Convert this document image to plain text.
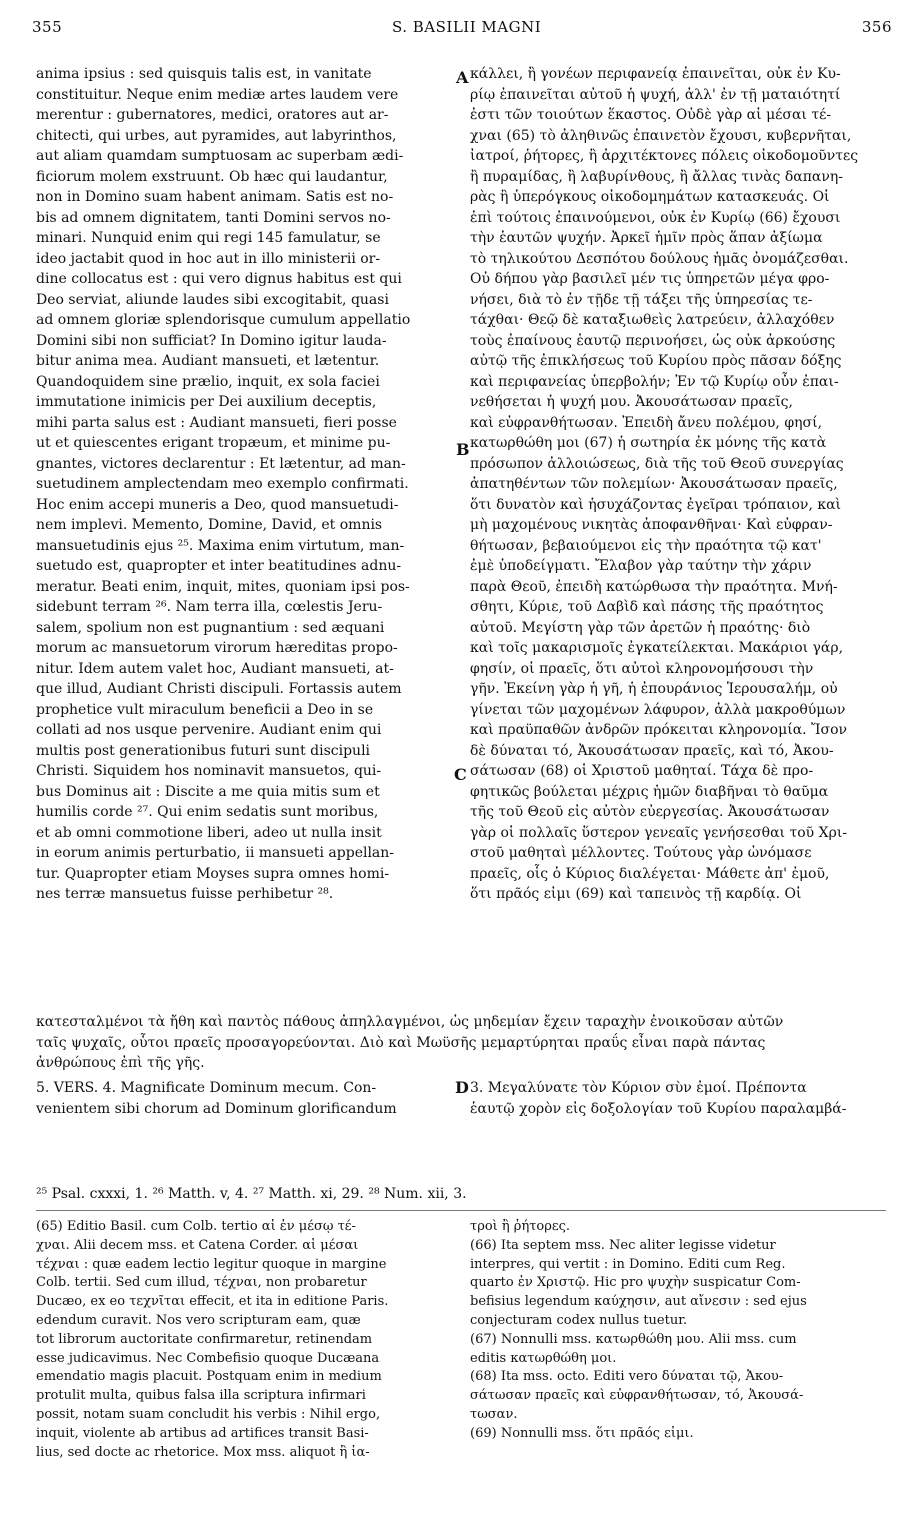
355	S. BASILII MAGNI	356
A
B
C
D
anima ipsius : sed quisquis talis est, in vanitate
constituitur. Neque enim mediæ artes laudem vere
merentur : gubernatores, medici, oratores aut ar-
chitecti, qui urbes, aut pyramides, aut labyrinthos,
aut aliam quamdam sumptuosam ac superbam ædi-
ficiorum molem exstruunt. Ob hæc qui laudantur,
non in Domino suam habent animam. Satis est no-
bis ad omnem dignitatem, tanti Domini servos no-
minari. Nunquid enim qui regi 145 famulatur, se
ideo jactabit quod in hoc aut in illo ministerii or-
dine collocatus est : qui vero dignus habitus est qui
Deo serviat, aliunde laudes sibi excogitabit, quasi
ad omnem gloriæ splendorisque cumulum appellatio
Domini sibi non sufficiat? In Domino igitur lauda-
bitur anima mea. Audiant mansueti, et lætentur.
Quandoquidem sine prælio, inquit, ex sola faciei
immutatione inimicis per Dei auxilium deceptis,
mihi parta salus est : Audiant mansueti, fieri posse
ut et quiescentes erigant tropæum, et minime pu-
gnantes, victores declarentur : Et lætentur, ad man-
suetudinem amplectendam meo exemplo confirmati.
Hoc enim accepi muneris a Deo, quod mansuetudi-
nem implevi. Memento, Domine, David, et omnis
mansuetudinis ejus ²⁵. Maxima enim virtutum, man-
suetudo est, quapropter et inter beatitudines adnu-
meratur. Beati enim, inquit, mites, quoniam ipsi pos-
sidebunt terram ²⁶. Nam terra illa, cœlestis Jeru-
salem, spolium non est pugnantium : sed æquani
morum ac mansuetorum virorum hæreditas propo-
nitur. Idem autem valet hoc, Audiant mansueti, at-
que illud, Audiant Christi discipuli. Fortassis autem
prophetice vult miraculum beneficii a Deo in se
collati ad nos usque pervenire. Audiant enim qui
multis post generationibus futuri sunt discipuli
Christi. Siquidem hos nominavit mansuetos, qui-
bus Dominus ait : Discite a me quia mitis sum et
humilis corde ²⁷. Qui enim sedatis sunt moribus,
et ab omni commotione liberi, adeo ut nulla insit
in eorum animis perturbatio, ii mansueti appellan-
tur. Quapropter etiam Moyses supra omnes homi-
nes terræ mansuetus fuisse perhibetur ²⁸.
κάλλει, ἢ γονέων περιφανείᾳ ἐπαινεῖται, οὐκ ἐν Κυ-
ρίῳ ἐπαινεῖται αὐτοῦ ἡ ψυχή, ἀλλ' ἐν τῇ ματαιότητί
ἐστι τῶν τοιούτων ἕκαστος. Οὐδὲ γὰρ αἱ μέσαι τέ-
χναι (65) τὸ ἀληθινῶς ἐπαινετὸν ἔχουσι, κυβερνῆται,
ἰατροί, ῥήτορες, ἢ ἀρχιτέκτονες πόλεις οἰκοδομοῦντες
ἢ πυραμίδας, ἢ λαβυρίνθους, ἢ ἄλλας τινὰς δαπανη-
ρὰς ἢ ὑπερόγκους οἰκοδομημάτων κατασκευάς. Οἱ
ἐπὶ τούτοις ἐπαινούμενοι, οὐκ ἐν Κυρίῳ (66) ἔχουσι
τὴν ἑαυτῶν ψυχήν. Ἀρκεῖ ἡμῖν πρὸς ἅπαν ἀξίωμα
τὸ τηλικούτου Δεσπότου δούλους ἡμᾶς ὀνομάζεσθαι.
Οὐ δήπου γὰρ βασιλεῖ μέν τις ὑπηρετῶν μέγα φρο-
νήσει, διὰ τὸ ἐν τῇδε τῇ τάξει τῆς ὑπηρεσίας τε-
τάχθαι· Θεῷ δὲ καταξιωθεὶς λατρεύειν, ἀλλαχόθεν
τοὺς ἐπαίνους ἑαυτῷ περινοήσει, ὡς οὐκ ἀρκούσης
αὐτῷ τῆς ἐπικλήσεως τοῦ Κυρίου πρὸς πᾶσαν δόξης
καὶ περιφανείας ὑπερβολήν; Ἐν τῷ Κυρίῳ οὖν ἐπαι-
νεθήσεται ἡ ψυχή μου. Ἀκουσάτωσαν πραεῖς,
καὶ εὐφρανθήτωσαν. Ἐπειδὴ ἄνευ πολέμου, φησί,
κατωρθώθη μοι (67) ἡ σωτηρία ἐκ μόνης τῆς κατὰ
πρόσωπον ἀλλοιώσεως, διὰ τῆς τοῦ Θεοῦ συνεργίας
ἀπατηθέντων τῶν πολεμίων· Ἀκουσάτωσαν πραεῖς,
ὅτι δυνατὸν καὶ ἡσυχάζοντας ἐγεῖραι τρόπαιον, καὶ
μὴ μαχομένους νικητὰς ἀποφανθῆναι· Καὶ εὐφραν-
θήτωσαν, βεβαιούμενοι εἰς τὴν πραότητα τῷ κατ'
ἐμὲ ὑποδείγματι. Ἔλαβον γὰρ ταύτην τὴν χάριν
παρὰ Θεοῦ, ἐπειδὴ κατώρθωσα τὴν πραότητα. Μνή-
σθητι, Κύριε, τοῦ Δαβὶδ καὶ πάσης τῆς πραότητος
αὐτοῦ. Μεγίστη γὰρ τῶν ἀρετῶν ἡ πραότης· διὸ
καὶ τοῖς μακαρισμοῖς ἐγκατείλεκται. Μακάριοι γάρ,
φησίν, οἱ πραεῖς, ὅτι αὐτοὶ κληρονομήσουσι τὴν
γῆν. Ἐκείνη γὰρ ἡ γῆ, ἡ ἐπουράνιος Ἱερουσαλήμ, οὐ
γίνεται τῶν μαχομένων λάφυρον, ἀλλὰ μακροθύμων
καὶ πραϋπαθῶν ἀνδρῶν πρόκειται κληρονομία. Ἴσον
δὲ δύναται τό, Ἀκουσάτωσαν πραεῖς, καὶ τό, Ἀκου-
σάτωσαν (68) οἱ Χριστοῦ μαθηταί. Τάχα δὲ προ-
φητικῶς βούλεται μέχρις ἡμῶν διαβῆναι τὸ θαῦμα
τῆς τοῦ Θεοῦ εἰς αὐτὸν εὐεργεσίας. Ἀκουσάτωσαν
γὰρ οἱ πολλαῖς ὕστερον γενεαῖς γενήσεσθαι τοῦ Χρι-
στοῦ μαθηταὶ μέλλοντες. Τούτους γὰρ ὠνόμασε
πραεῖς, οἷς ὁ Κύριος διαλέγεται· Μάθετε ἀπ' ἐμοῦ,
ὅτι πρᾶός εἰμι (69) καὶ ταπεινὸς τῇ καρδίᾳ. Οἱ
κατεσταλμένοι τὰ ἤθη καὶ παντὸς πάθους ἀπηλλαγμένοι, ὡς μηδεμίαν ἔχειν ταραχὴν ἐνοικοῦσαν αὐτῶν
ταῖς ψυχαῖς, οὗτοι πραεῖς προσαγορεύονται. Διὸ καὶ Μωϋσῆς μεμαρτύρηται πραΰς εἶναι παρὰ πάντας
ἀνθρώπους ἐπὶ τῆς γῆς.
5. VERS. 4. Magnificate Dominum mecum. Con-
venientem sibi chorum ad Dominum glorificandum
3. Μεγαλύνατε τὸν Κύριον σὺν ἐμοί. Πρέποντα
ἑαυτῷ χορὸν εἰς δοξολογίαν τοῦ Κυρίου παραλαμβά-
²⁵ Psal. cxxxi, 1. ²⁶ Matth. v, 4. ²⁷ Matth. xi, 29. ²⁸ Num. xii, 3.
(65) Editio Basil. cum Colb. tertio αἱ ἐν μέσῳ τέ-
χναι. Alii decem mss. et Catena Corder. αἱ μέσαι
τέχναι : quæ eadem lectio legitur quoque in margine
Colb. tertii. Sed cum illud, τέχναι, non probaretur
Ducæo, ex eo τεχνῖται effecit, et ita in editione Paris.
edendum curavit. Nos vero scripturam eam, quæ
tot librorum auctoritate confirmaretur, retinendam
esse judicavimus. Nec Combefisio quoque Ducæana
emendatio magis placuit. Postquam enim in medium
protulit multa, quibus falsa illa scriptura infirmari
possit, notam suam concludit his verbis : Nihil ergo,
inquit, violente ab artibus ad artifices transit Basi-
lius, sed docte ac rhetorice. Mox mss. aliquot ἢ ἰα-
τροὶ ἢ ῥήτορες.
(66) Ita septem mss. Nec aliter legisse videtur
interpres, qui vertit : in Domino. Editi cum Reg.
quarto ἐν Χριστῷ. Hic pro ψυχὴν suspicatur Com-
befisius legendum καύχησιν, aut αἴνεσιν : sed ejus
conjecturam codex nullus tuetur.
(67) Nonnulli mss. κατωρθώθη μου. Alii mss. cum
editis κατωρθώθη μοι.
(68) Ita mss. octo. Editi vero δύναται τῷ, Ἀκου-
σάτωσαν πραεῖς καὶ εὐφρανθήτωσαν, τό, Ἀκουσά-
τωσαν.
(69) Nonnulli mss. ὅτι πρᾶός εἰμι.
